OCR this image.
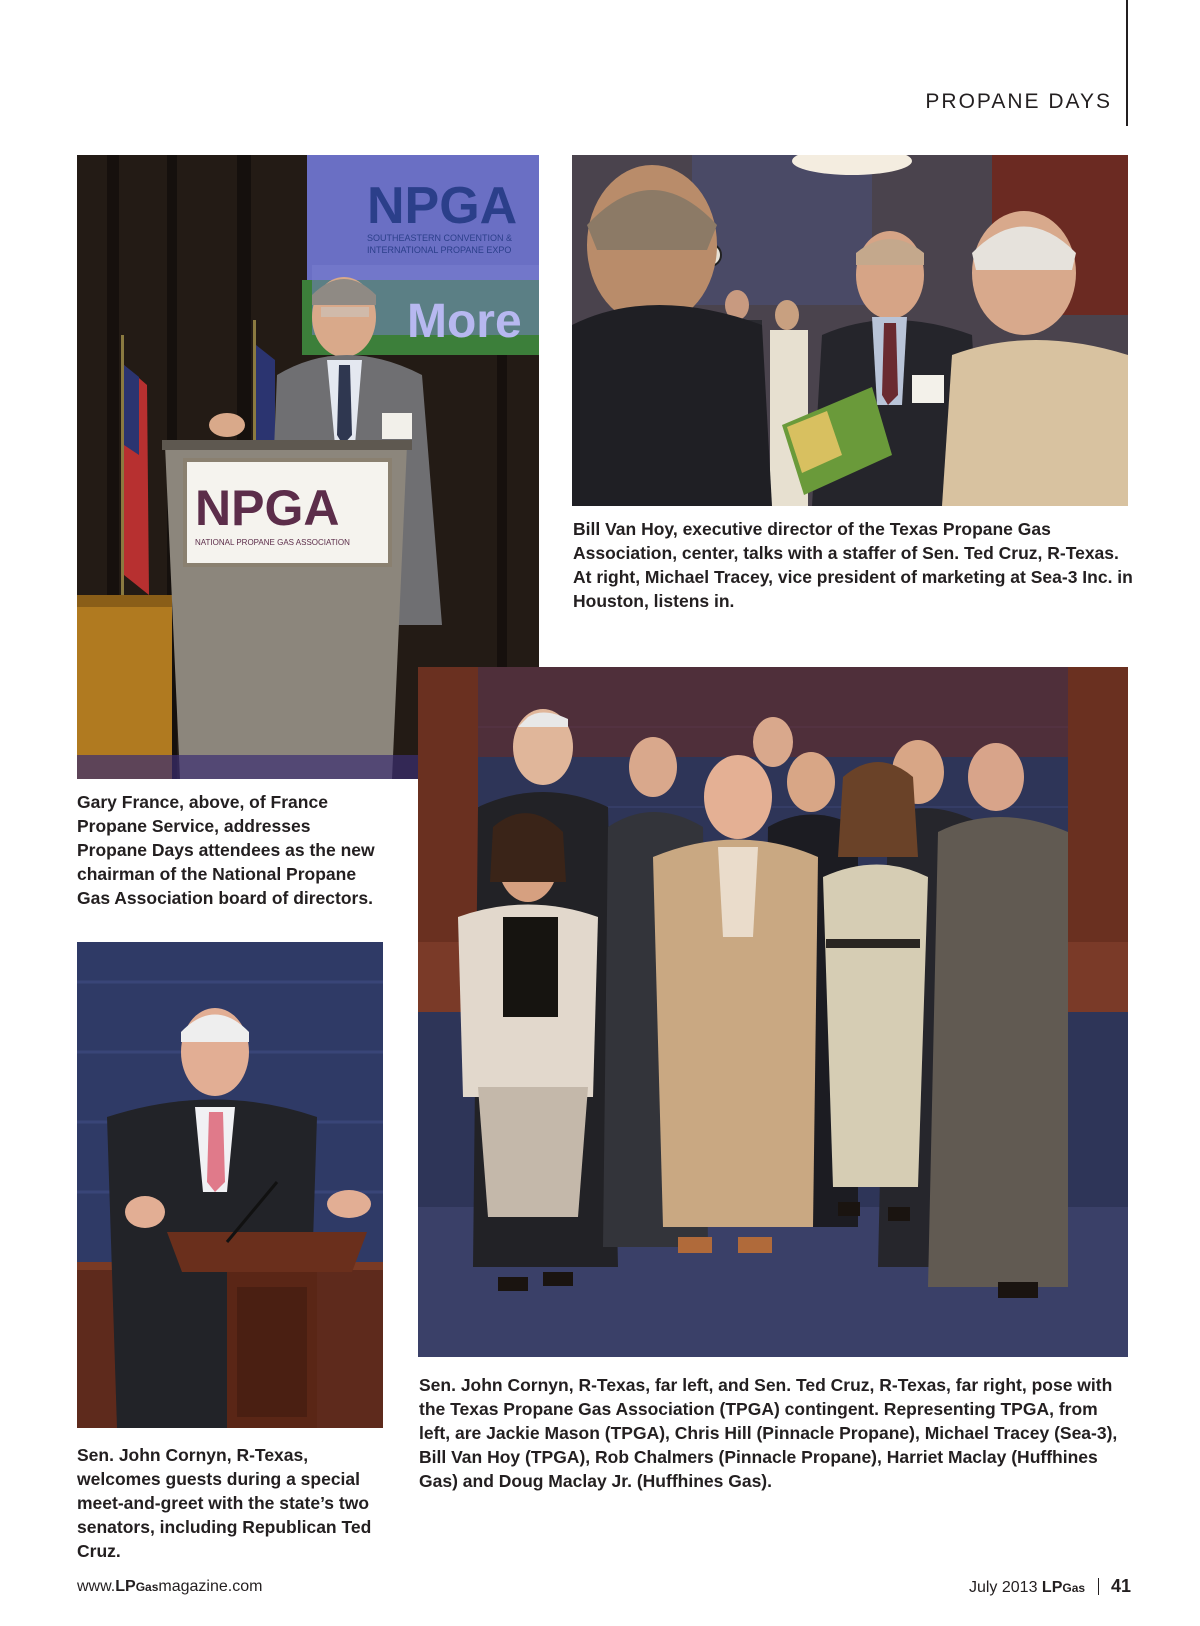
PROPANE DAYS
NPGA
SOUTHEASTERN CONVENTION &
INTERNATIONAL PROPANE EXPO
More
NPGA
NATIONAL PROPANE GAS ASSOCIATION
Bill Van Hoy, executive director of the Texas Propane Gas Association, center, talks with a staffer of Sen. Ted Cruz, R-Texas. At right, Michael Tracey, vice president of marketing at Sea-3 Inc. in Houston, listens in.
Gary France, above, of France Propane Service, addresses Propane Days attendees as the new chairman of the National Propane Gas Association board of directors.
Sen. John Cornyn, R-Texas, far left, and Sen. Ted Cruz, R-Texas, far right, pose with the Texas Propane Gas Association (TPGA) contingent. Representing TPGA, from left, are Jackie Mason (TPGA), Chris Hill (Pinnacle Propane), Michael Tracey (Sea-3), Bill Van Hoy (TPGA), Rob Chalmers (Pinnacle Propane), Harriet Maclay (Huffhines Gas) and Doug Maclay Jr. (Huffhines Gas).
Sen. John Cornyn, R-Texas, welcomes guests during a special meet-and-greet with the state’s two senators, including Republican Ted Cruz.
www.LPGasmagazine.com	July 2013 LPGas 41
